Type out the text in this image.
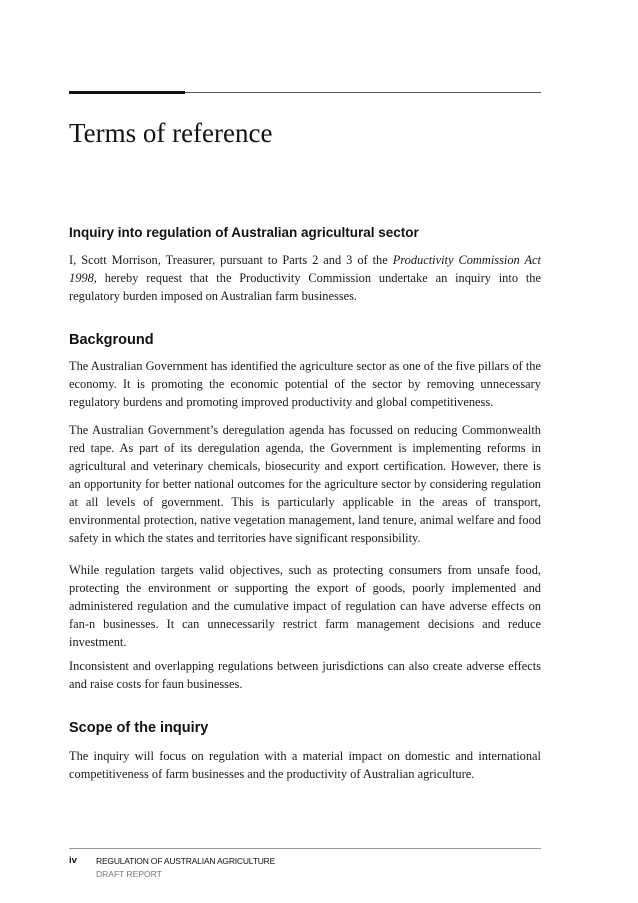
Terms of reference
Inquiry into regulation of Australian agricultural sector

I, Scott Morrison, Treasurer, pursuant to Parts 2 and 3 of the Productivity Commission Act 1998, hereby request that the Productivity Commission undertake an inquiry into the regulatory burden imposed on Australian farm businesses.

Background

The Australian Government has identified the agriculture sector as one of the five pillars of the economy. It is promoting the economic potential of the sector by removing unnecessary regulatory burdens and promoting improved productivity and global competitiveness.

The Australian Government’s deregulation agenda has focussed on reducing Commonwealth red tape. As part of its deregulation agenda, the Government is implementing reforms in agricultural and veterinary chemicals, biosecurity and export certification. However, there is an opportunity for better national outcomes for the agriculture sector by considering regulation at all levels of government. This is particularly applicable in the areas of transport, environmental protection, native vegetation management, land tenure, animal welfare and food safety in which the states and territories have significant responsibility.

While regulation targets valid objectives, such as protecting consumers from unsafe food, protecting the environment or supporting the export of goods, poorly implemented and administered regulation and the cumulative impact of regulation can have adverse effects on fan-n businesses. It can unnecessarily restrict farm management decisions and reduce investment.

Inconsistent and overlapping regulations between jurisdictions can also create adverse effects and raise costs for faun businesses.

Scope of the inquiry

The inquiry will focus on regulation with a material impact on domestic and international competitiveness of farm businesses and the productivity of Australian agriculture.

iv REGULATION OF AUSTRALIAN AGRICULTURE
DRAFT REPORT
